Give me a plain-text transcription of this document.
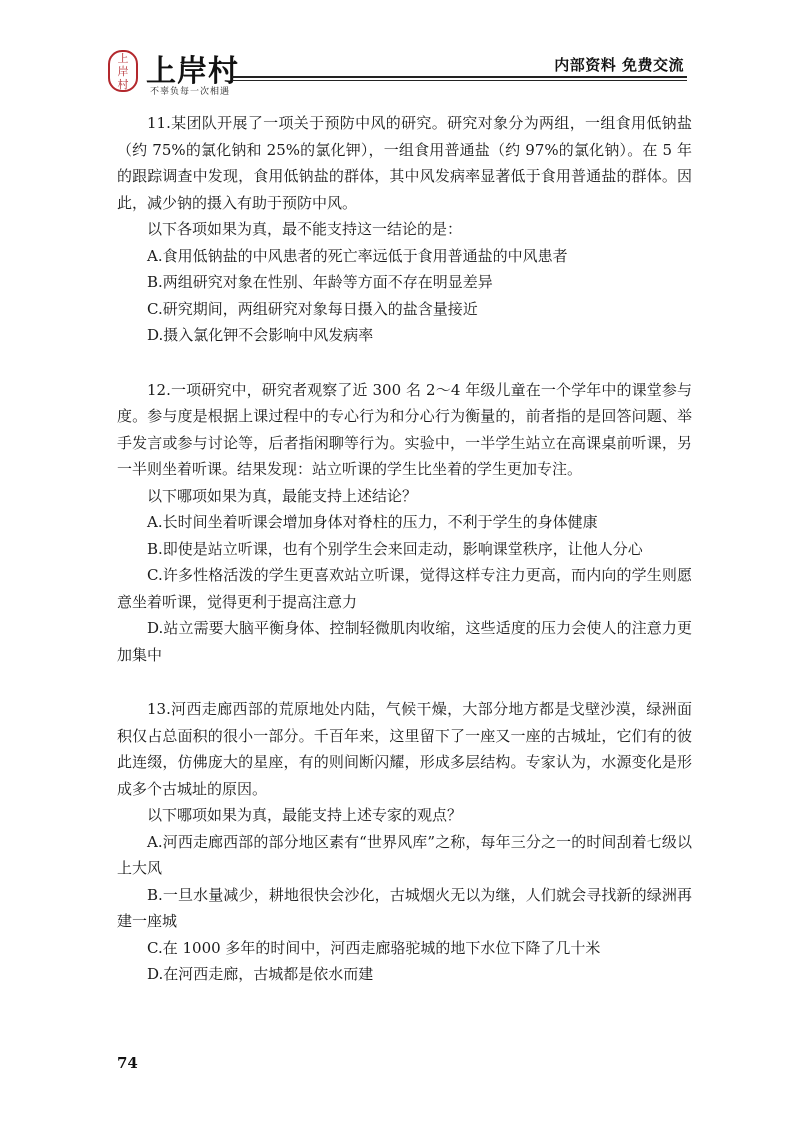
上
岸
村 上岸村
不辜负每一次相遇
内部资料 免费交流

11.某团队开展了一项关于预防中风的研究。研究对象分为两组，一组食用低钠盐（约 75%的氯化钠和 25%的氯化钾），一组食用普通盐（约 97%的氯化钠）。在 5 年的跟踪调查中发现，食用低钠盐的群体，其中风发病率显著低于食用普通盐的群体。因此，减少钠的摄入有助于预防中风。

以下各项如果为真，最不能支持这一结论的是：

A.食用低钠盐的中风患者的死亡率远低于食用普通盐的中风患者

B.两组研究对象在性别、年龄等方面不存在明显差异

C.研究期间，两组研究对象每日摄入的盐含量接近

D.摄入氯化钾不会影响中风发病率

12.一项研究中，研究者观察了近 300 名 2～4 年级儿童在一个学年中的课堂参与度。参与度是根据上课过程中的专心行为和分心行为衡量的，前者指的是回答问题、举手发言或参与讨论等，后者指闲聊等行为。实验中，一半学生站立在高课桌前听课，另一半则坐着听课。结果发现：站立听课的学生比坐着的学生更加专注。

以下哪项如果为真，最能支持上述结论？

A.长时间坐着听课会增加身体对脊柱的压力，不利于学生的身体健康

B.即使是站立听课，也有个别学生会来回走动，影响课堂秩序，让他人分心

C.许多性格活泼的学生更喜欢站立听课，觉得这样专注力更高，而内向的学生则愿意坐着听课，觉得更利于提高注意力

D.站立需要大脑平衡身体、控制轻微肌肉收缩，这些适度的压力会使人的注意力更加集中

13.河西走廊西部的荒原地处内陆，气候干燥，大部分地方都是戈壁沙漠，绿洲面积仅占总面积的很小一部分。千百年来，这里留下了一座又一座的古城址，它们有的彼此连缀，仿佛庞大的星座，有的则间断闪耀，形成多层结构。专家认为，水源变化是形成多个古城址的原因。

以下哪项如果为真，最能支持上述专家的观点？

A.河西走廊西部的部分地区素有“世界风库”之称，每年三分之一的时间刮着七级以上大风

B.一旦水量减少，耕地很快会沙化，古城烟火无以为继，人们就会寻找新的绿洲再建一座城

C.在 1000 多年的时间中，河西走廊骆驼城的地下水位下降了几十米

D.在河西走廊，古城都是依水而建

74
